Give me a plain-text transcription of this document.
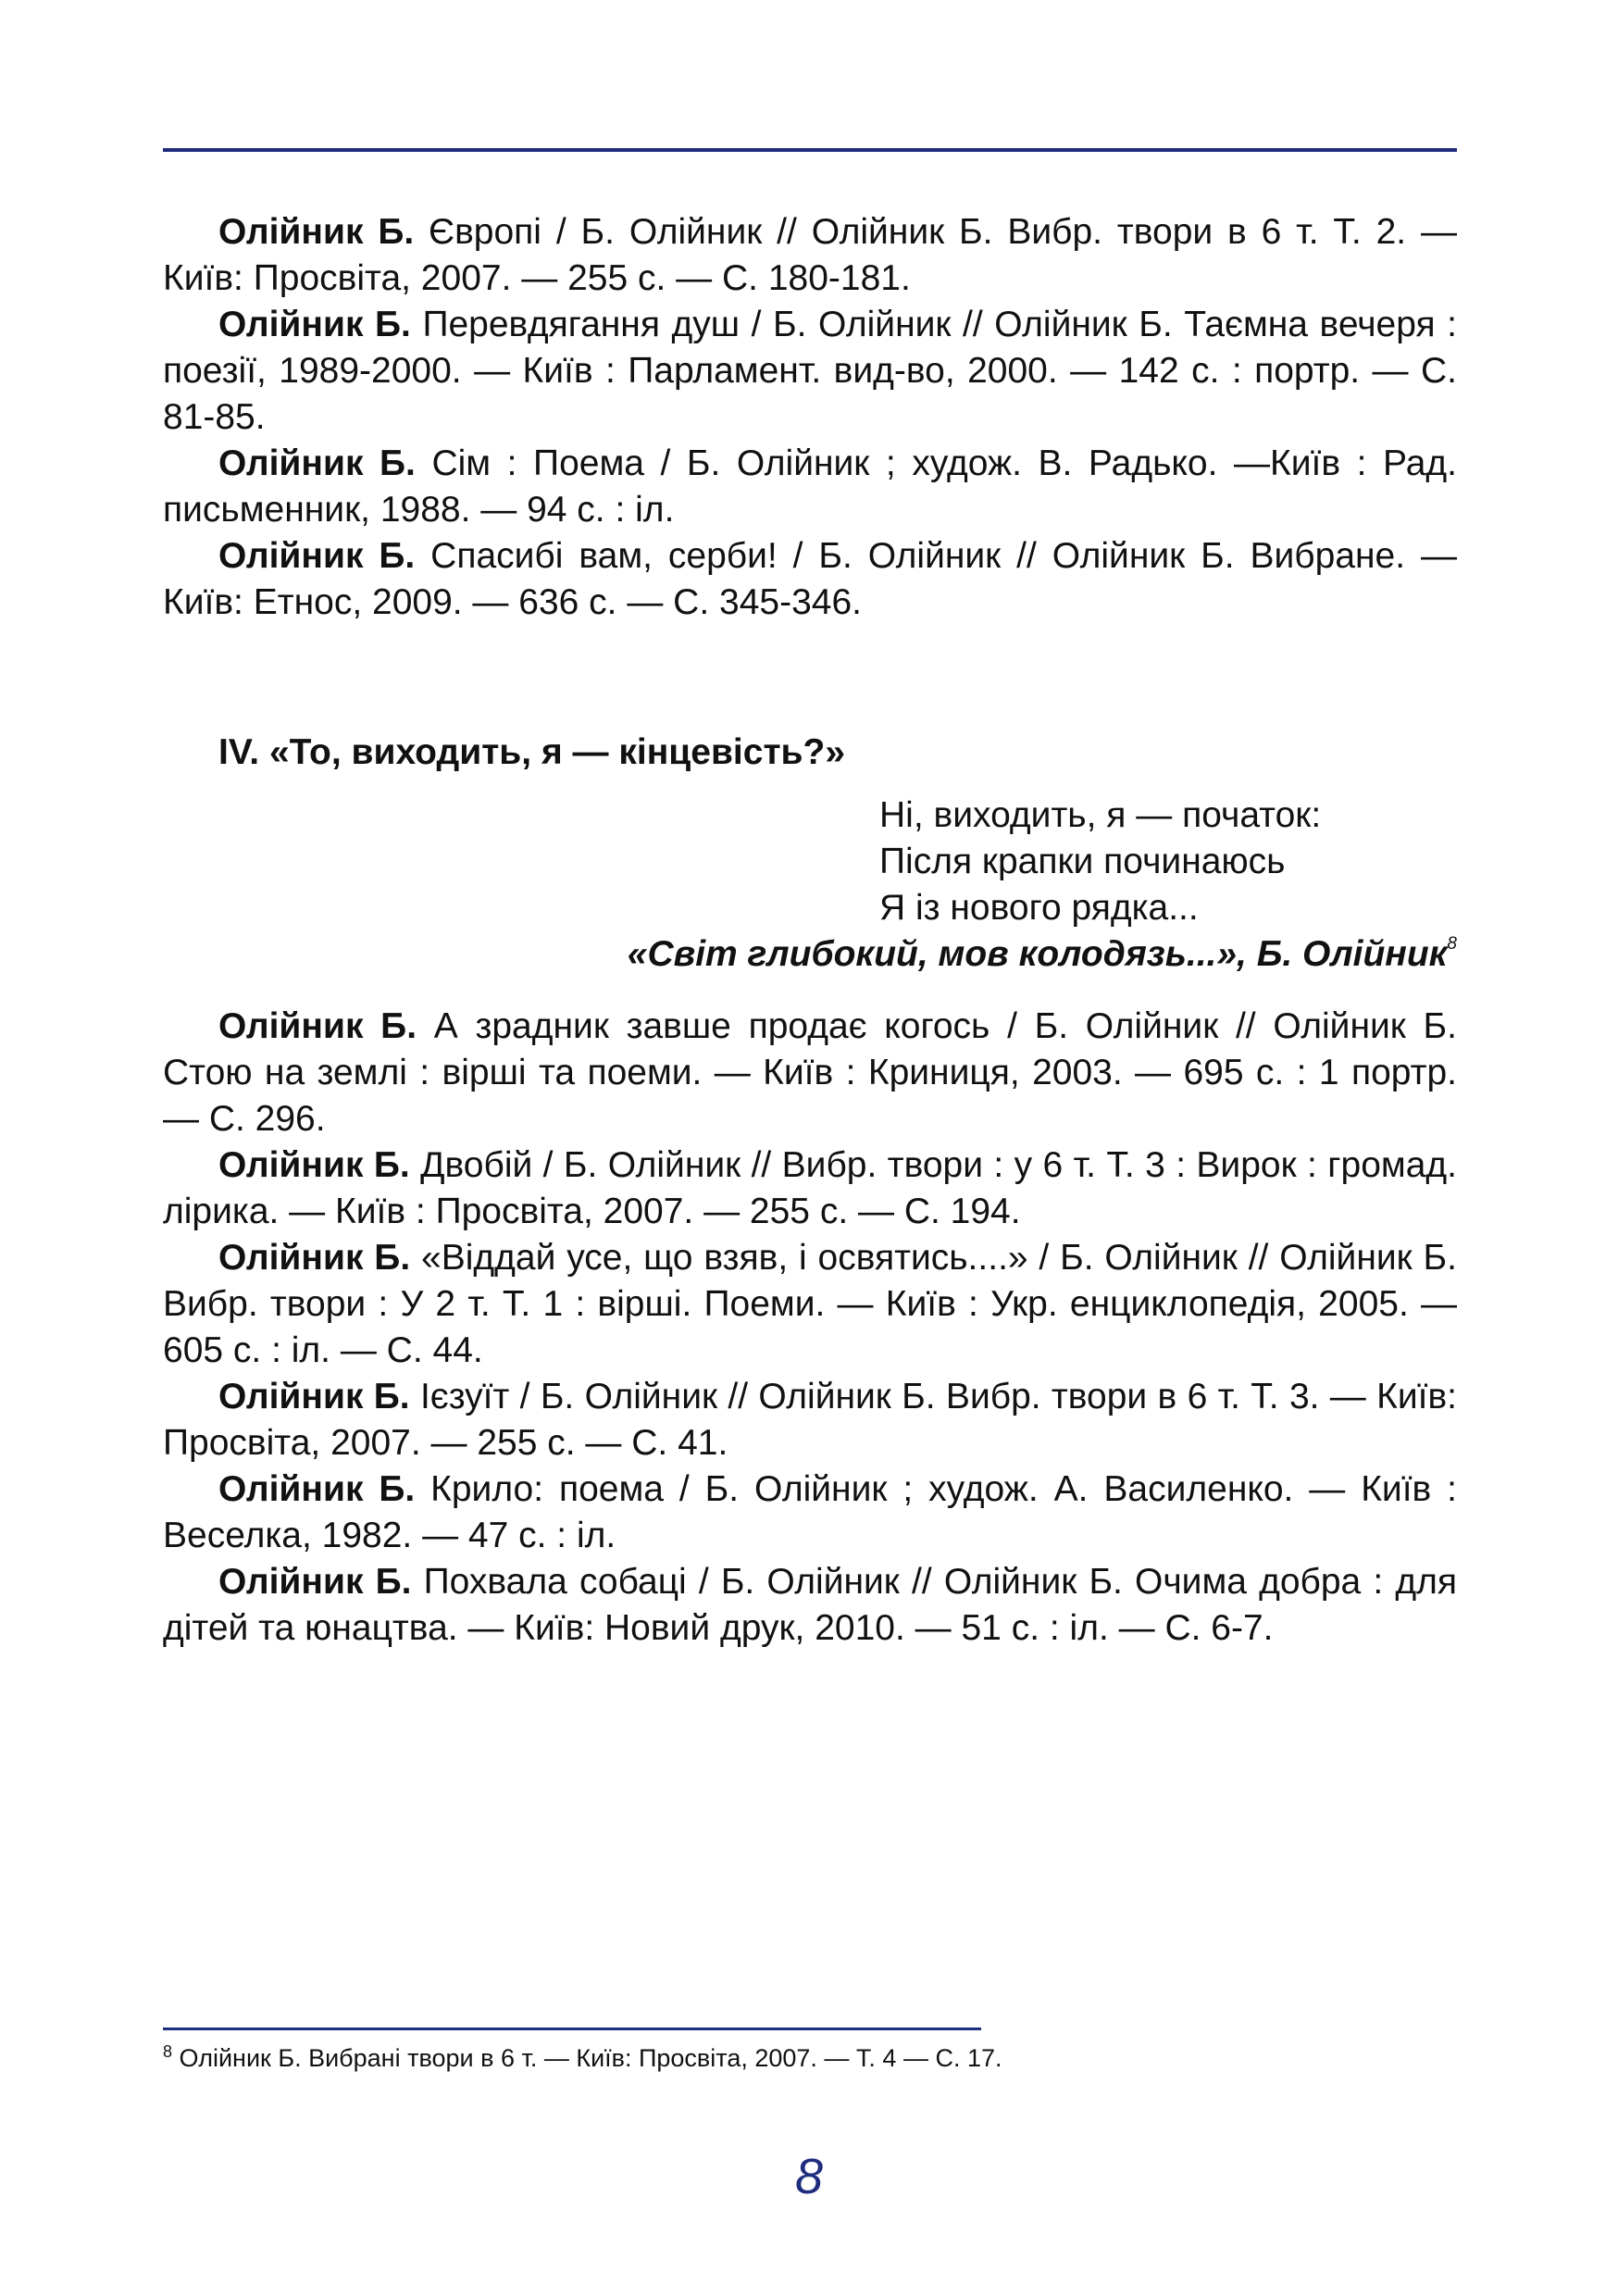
Олійник Б. Європі / Б. Олійник // Олійник Б. Вибр. твори в 6 т. Т. 2. — Київ: Просвіта, 2007. — 255 с. — С. 180-181.

Олійник Б. Перевдягання душ / Б. Олійник // Олійник Б. Таємна вечеря : поезії, 1989-2000. — Київ : Парламент. вид-во, 2000. — 142 с. : портр. — С. 81-85.

Олійник Б. Сім : Поема / Б. Олійник ; худож. В. Радько. —Київ : Рад. письменник, 1988. — 94 с. : іл.

Олійник Б. Спасибі вам, серби! / Б. Олійник // Олійник Б. Вибране. — Київ: Етнос, 2009. — 636 с. — С. 345-346.

IV. «То, виходить, я — кінцевість?»
Ні, виходить, я — початок:
Після крапки починаюсь
Я із нового рядка...
«Світ глибокий, мов колодязь...», Б. Олійник$^8$

Олійник Б. А зрадник завше продає когось / Б. Олійник // Олійник Б. Стою на землі : вірші та поеми. — Київ : Криниця, 2003. — 695 с. : 1 портр. — С. 296.

Олійник Б. Двобій / Б. Олійник // Вибр. твори : у 6 т. Т. 3 : Вирок : громад. лірика. — Київ : Просвіта, 2007. — 255 с. — С. 194.

Олійник Б. «Віддай усе, що взяв, і освятись....» / Б. Олійник // Олійник Б. Вибр. твори : У 2 т. Т. 1 : вірші. Поеми. — Київ : Укр. енциклопедія, 2005. — 605 с. : іл. — С. 44.

Олійник Б. Ієзуїт / Б. Олійник // Олійник Б. Вибр. твори в 6 т. Т. 3. — Київ: Просвіта, 2007. — 255 с. — С. 41.

Олійник Б. Крило: поема / Б. Олійник ; худож. А. Василенко. — Київ : Веселка, 1982. — 47 с. : іл.

Олійник Б. Похвала собаці / Б. Олійник // Олійник Б. Очима добра : для дітей та юнацтва. — Київ: Новий друк, 2010. — 51 с. : іл. — С. 6-7.

$^8$ Олійник Б. Вибрані твори в 6 т. — Київ: Просвіта, 2007. — Т. 4 — С. 17.
8
